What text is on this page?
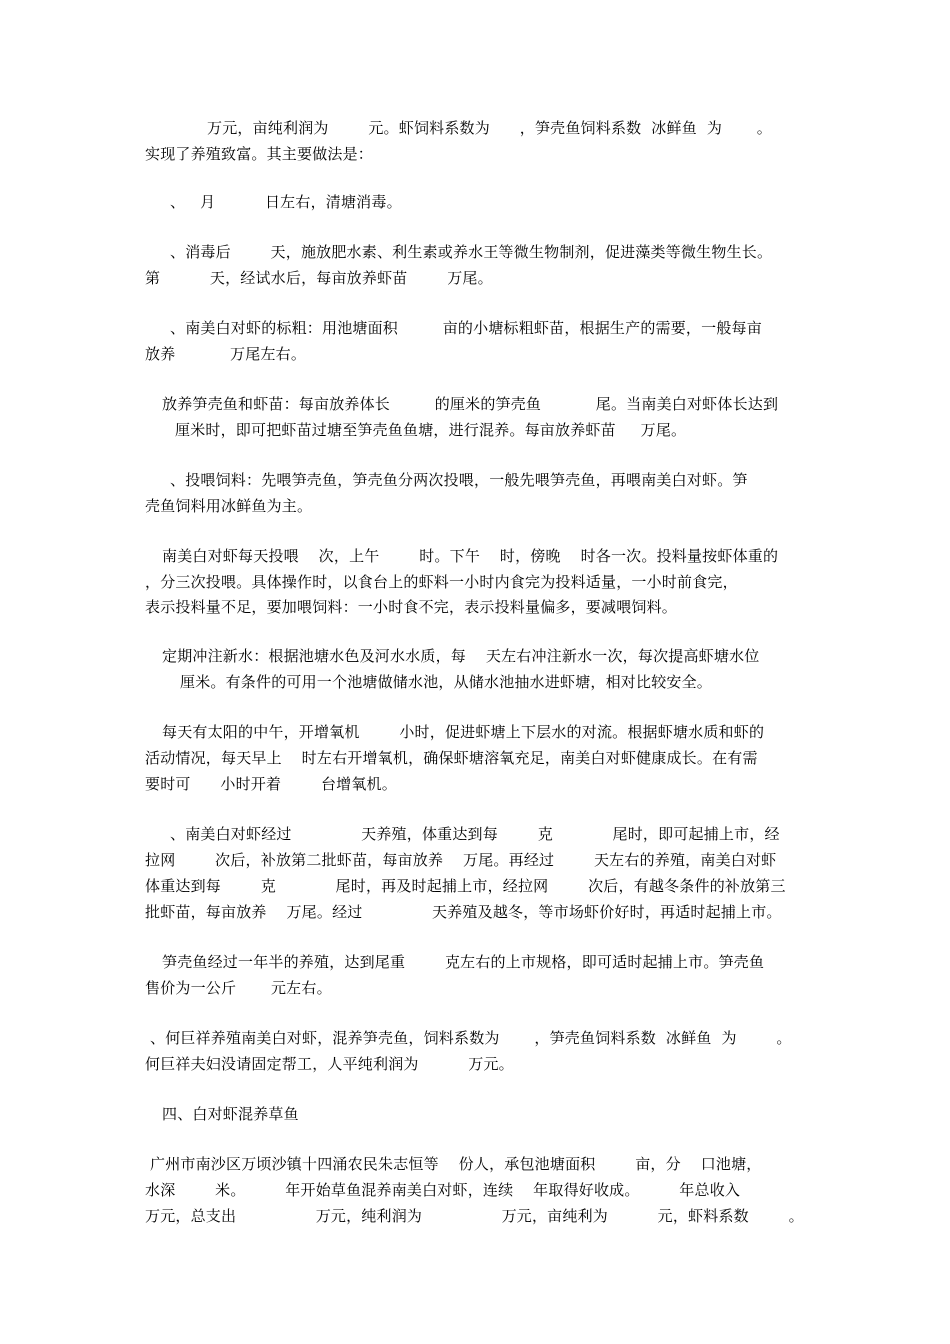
万元，亩纯利润为        元。虾饲料系数为      ，笋壳鱼饲料系数  冰鲜鱼  为       。
实现了养殖致富。其主要做法是：
、   月          日左右，清塘消毒。
、消毒后        天，施放肥水素、利生素或养水王等微生物制剂，促进藻类等微生物生长。
第          天，经试水后，每亩放养虾苗        万尾。
、南美白对虾的标粗：用池塘面积         亩的小塘标粗虾苗，根据生产的需要，一般每亩
放养           万尾左右。
放养笋壳鱼和虾苗：每亩放养体长         的厘米的笋壳鱼           尾。当南美白对虾体长达到
厘米时，即可把虾苗过塘至笋壳鱼鱼塘，进行混养。每亩放养虾苗     万尾。
、投喂饲料：先喂笋壳鱼，笋壳鱼分两次投喂，一般先喂笋壳鱼，再喂南美白对虾。笋
壳鱼饲料用冰鲜鱼为主。
南美白对虾每天投喂    次，上午        时。下午    时，傍晚    时各一次。投料量按虾体重的
，分三次投喂。具体操作时，以食台上的虾料一小时内食完为投料适量，一小时前食完，
表示投料量不足，要加喂饲料：一小时食不完，表示投料量偏多，要减喂饲料。
定期冲注新水：根据池塘水色及河水水质，每    天左右冲注新水一次，每次提高虾塘水位
厘米。有条件的可用一个池塘做储水池，从储水池抽水进虾塘，相对比较安全。
每天有太阳的中午，开增氧机        小时，促进虾塘上下层水的对流。根据虾塘水质和虾的
活动情况，每天早上    时左右开增氧机，确保虾塘溶氧充足，南美白对虾健康成长。在有需
要时可      小时开着        台增氧机。
、南美白对虾经过              天养殖，体重达到每        克            尾时，即可起捕上市，经
拉网        次后，补放第二批虾苗，每亩放养    万尾。再经过        天左右的养殖，南美白对虾
体重达到每        克            尾时，再及时起捕上市，经拉网        次后，有越冬条件的补放第三
批虾苗，每亩放养    万尾。经过              天养殖及越冬，等市场虾价好时，再适时起捕上市。
笋壳鱼经过一年半的养殖，达到尾重        克左右的上市规格，即可适时起捕上市。笋壳鱼
售价为一公斤       元左右。
、何巨祥养殖南美白对虾，混养笋壳鱼，饲料系数为       ，笋壳鱼饲料系数  冰鲜鱼  为        。
何巨祥夫妇没请固定帮工，人平纯利润为          万元。
四、白对虾混养草鱼
广州市南沙区万顷沙镇十四涌农民朱志恒等    份人，承包池塘面积        亩，分    口池塘，
水深        米。        年开始草鱼混养南美白对虾，连续    年取得好收成。        年总收入
万元，总支出                万元，纯利润为                万元，亩纯利为          元，虾料系数        。
